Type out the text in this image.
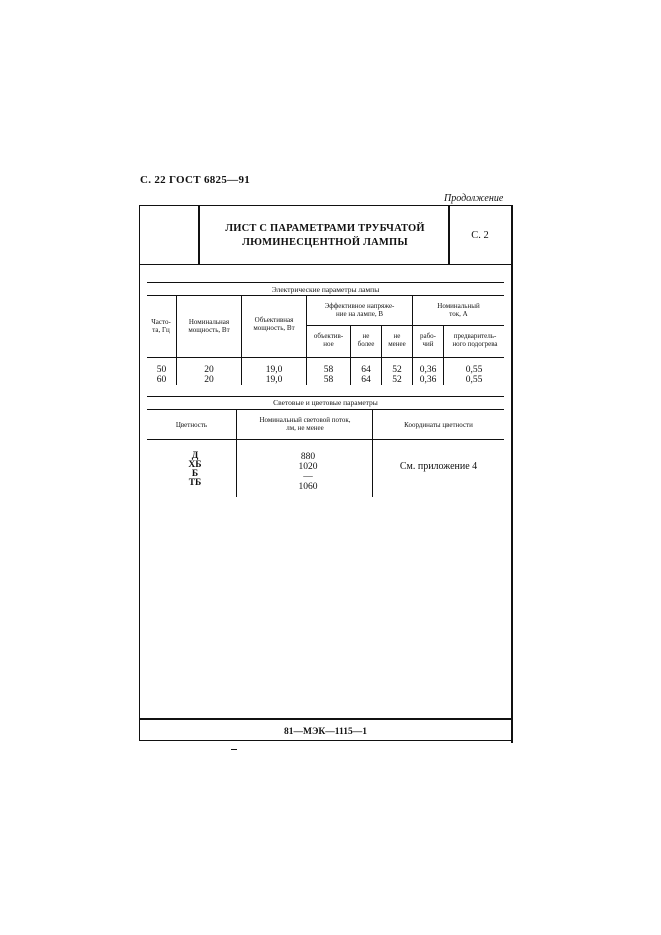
С. 22 ГОСТ 6825—91
Продолжение
ЛИСТ С ПАРАМЕТРАМИ ТРУБЧАТОЙ
ЛЮМИНЕСЦЕНТНОЙ ЛАМПЫ
С. 2
Электрические параметры лампы
Часто-
та, Гц
Номинальная
мощность, Вт
Объективная
мощность, Вт
Эффективное напряже-
ние на лампе, В
объектив-
ное
не
более
не
менее
Номинальный
ток, А
рабо-
чий
предваритель-
ного подогрева
50
60
20
20
19,0
19,0
58
58
64
64
52
52
0,36
0,36
0,55
0,55
Световые и цветовые параметры
Цветность
Номинальный световой поток,
лм, не менее	Координаты цветности
Д
ХБ
Б
ТБ
880
1020
—
1060
См. приложение 4
81—МЭК—1115—1
